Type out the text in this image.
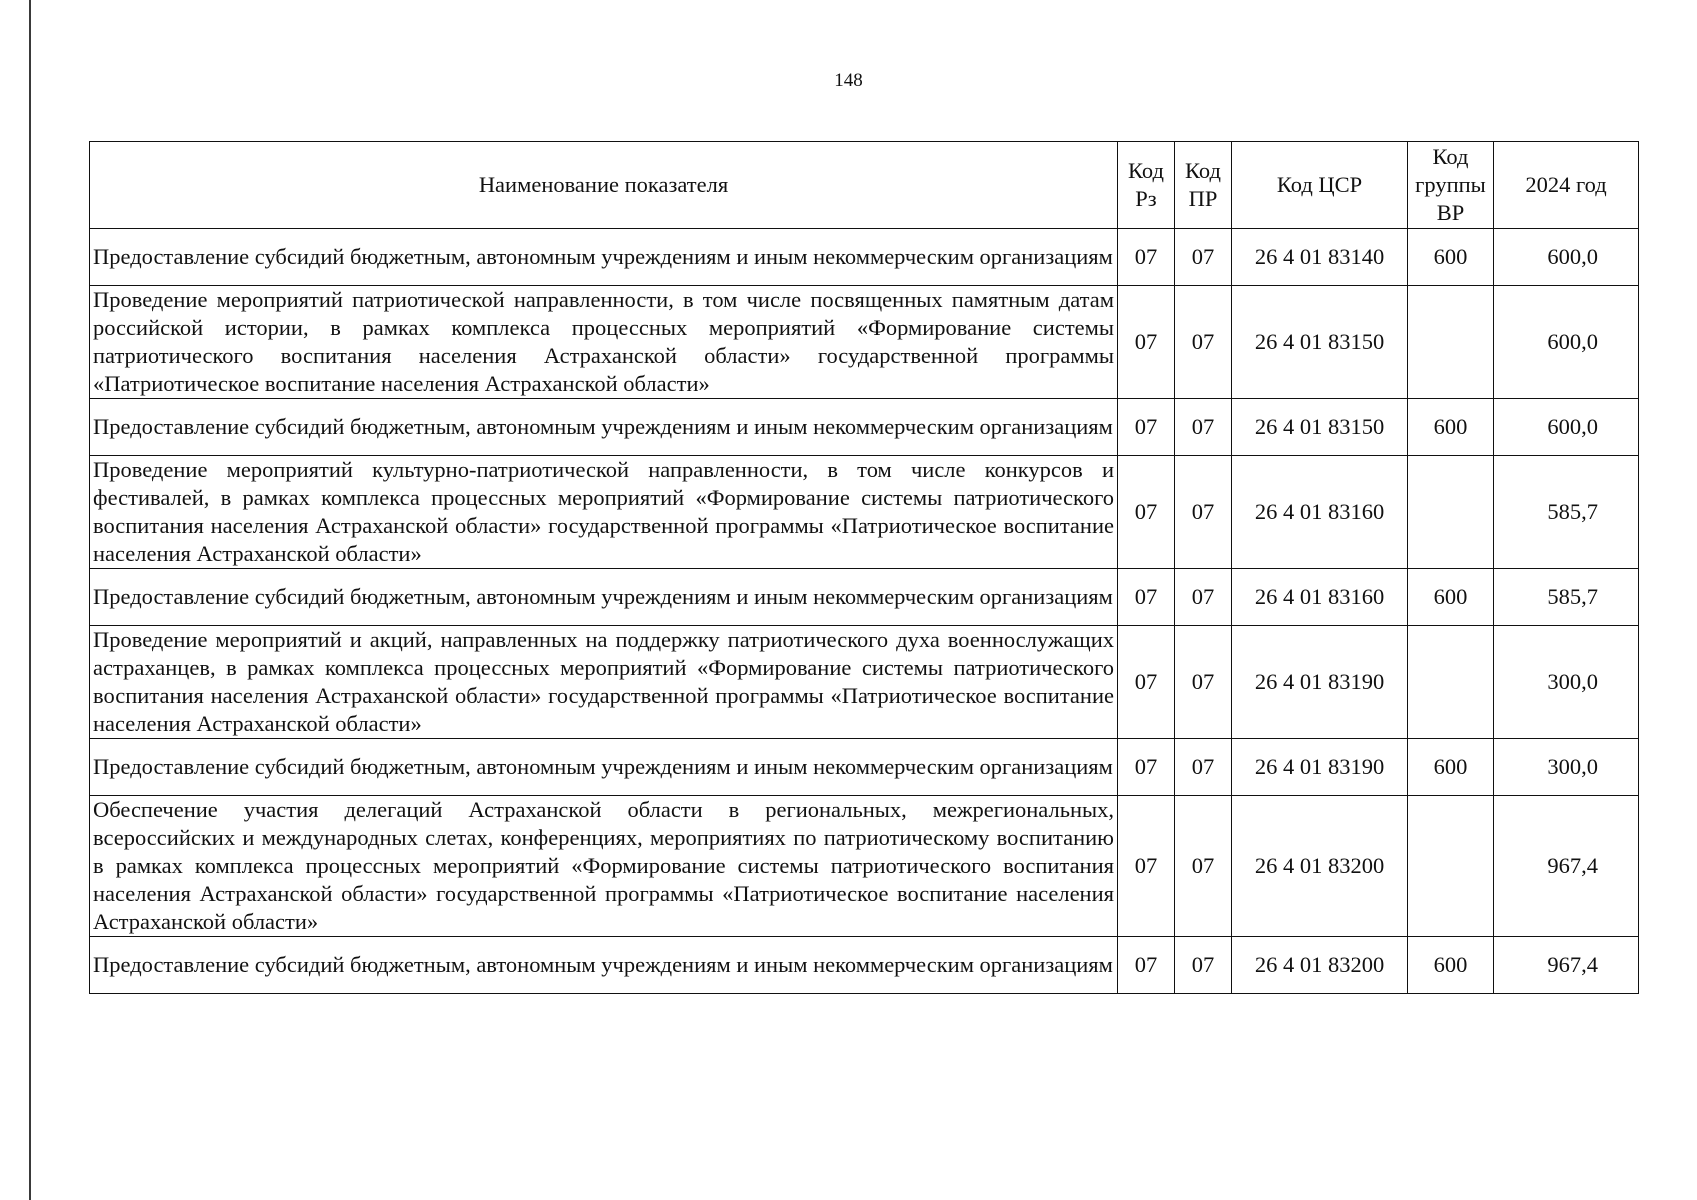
148
Наименование показателя	Код Рз	Код ПР	Код ЦСР	Код группы ВР	2024 год
Предоставление субсидий бюджетным, автономным учреждениям и иным некоммерческим организациям	07	07	26 4 01 83140	600	600,0
Проведение мероприятий патриотической направленности, в том числе посвященных памятным датам российской истории, в рамках комплекса процессных мероприятий «Формирование системы патриотического воспитания населения Астраханской области» государственной программы «Патриотическое воспитание населения Астраханской области»	07	07	26 4 01 83150		600,0
Предоставление субсидий бюджетным, автономным учреждениям и иным некоммерческим организациям	07	07	26 4 01 83150	600	600,0
Проведение мероприятий культурно-патриотической направленности, в том числе конкурсов и фестивалей, в рамках комплекса процессных мероприятий «Формирование системы патриотического воспитания населения Астраханской области» государственной программы «Патриотическое воспитание населения Астраханской области»	07	07	26 4 01 83160		585,7
Предоставление субсидий бюджетным, автономным учреждениям и иным некоммерческим организациям	07	07	26 4 01 83160	600	585,7
Проведение мероприятий и акций, направленных на поддержку патриотического духа военнослужащих астраханцев, в рамках комплекса процессных мероприятий «Формирование системы патриотического воспитания населения Астраханской области» государственной программы «Патриотическое воспитание населения Астраханской области»	07	07	26 4 01 83190		300,0
Предоставление субсидий бюджетным, автономным учреждениям и иным некоммерческим организациям	07	07	26 4 01 83190	600	300,0
Обеспечение участия делегаций Астраханской области в региональных, межрегиональных, всероссийских и международных слетах, конференциях, мероприятиях по патриотическому воспитанию в рамках комплекса процессных мероприятий «Формирование системы патриотического воспитания населения Астраханской области» государственной программы «Патриотическое воспитание населения Астраханской области»	07	07	26 4 01 83200		967,4
Предоставление субсидий бюджетным, автономным учреждениям и иным некоммерческим организациям	07	07	26 4 01 83200	600	967,4
